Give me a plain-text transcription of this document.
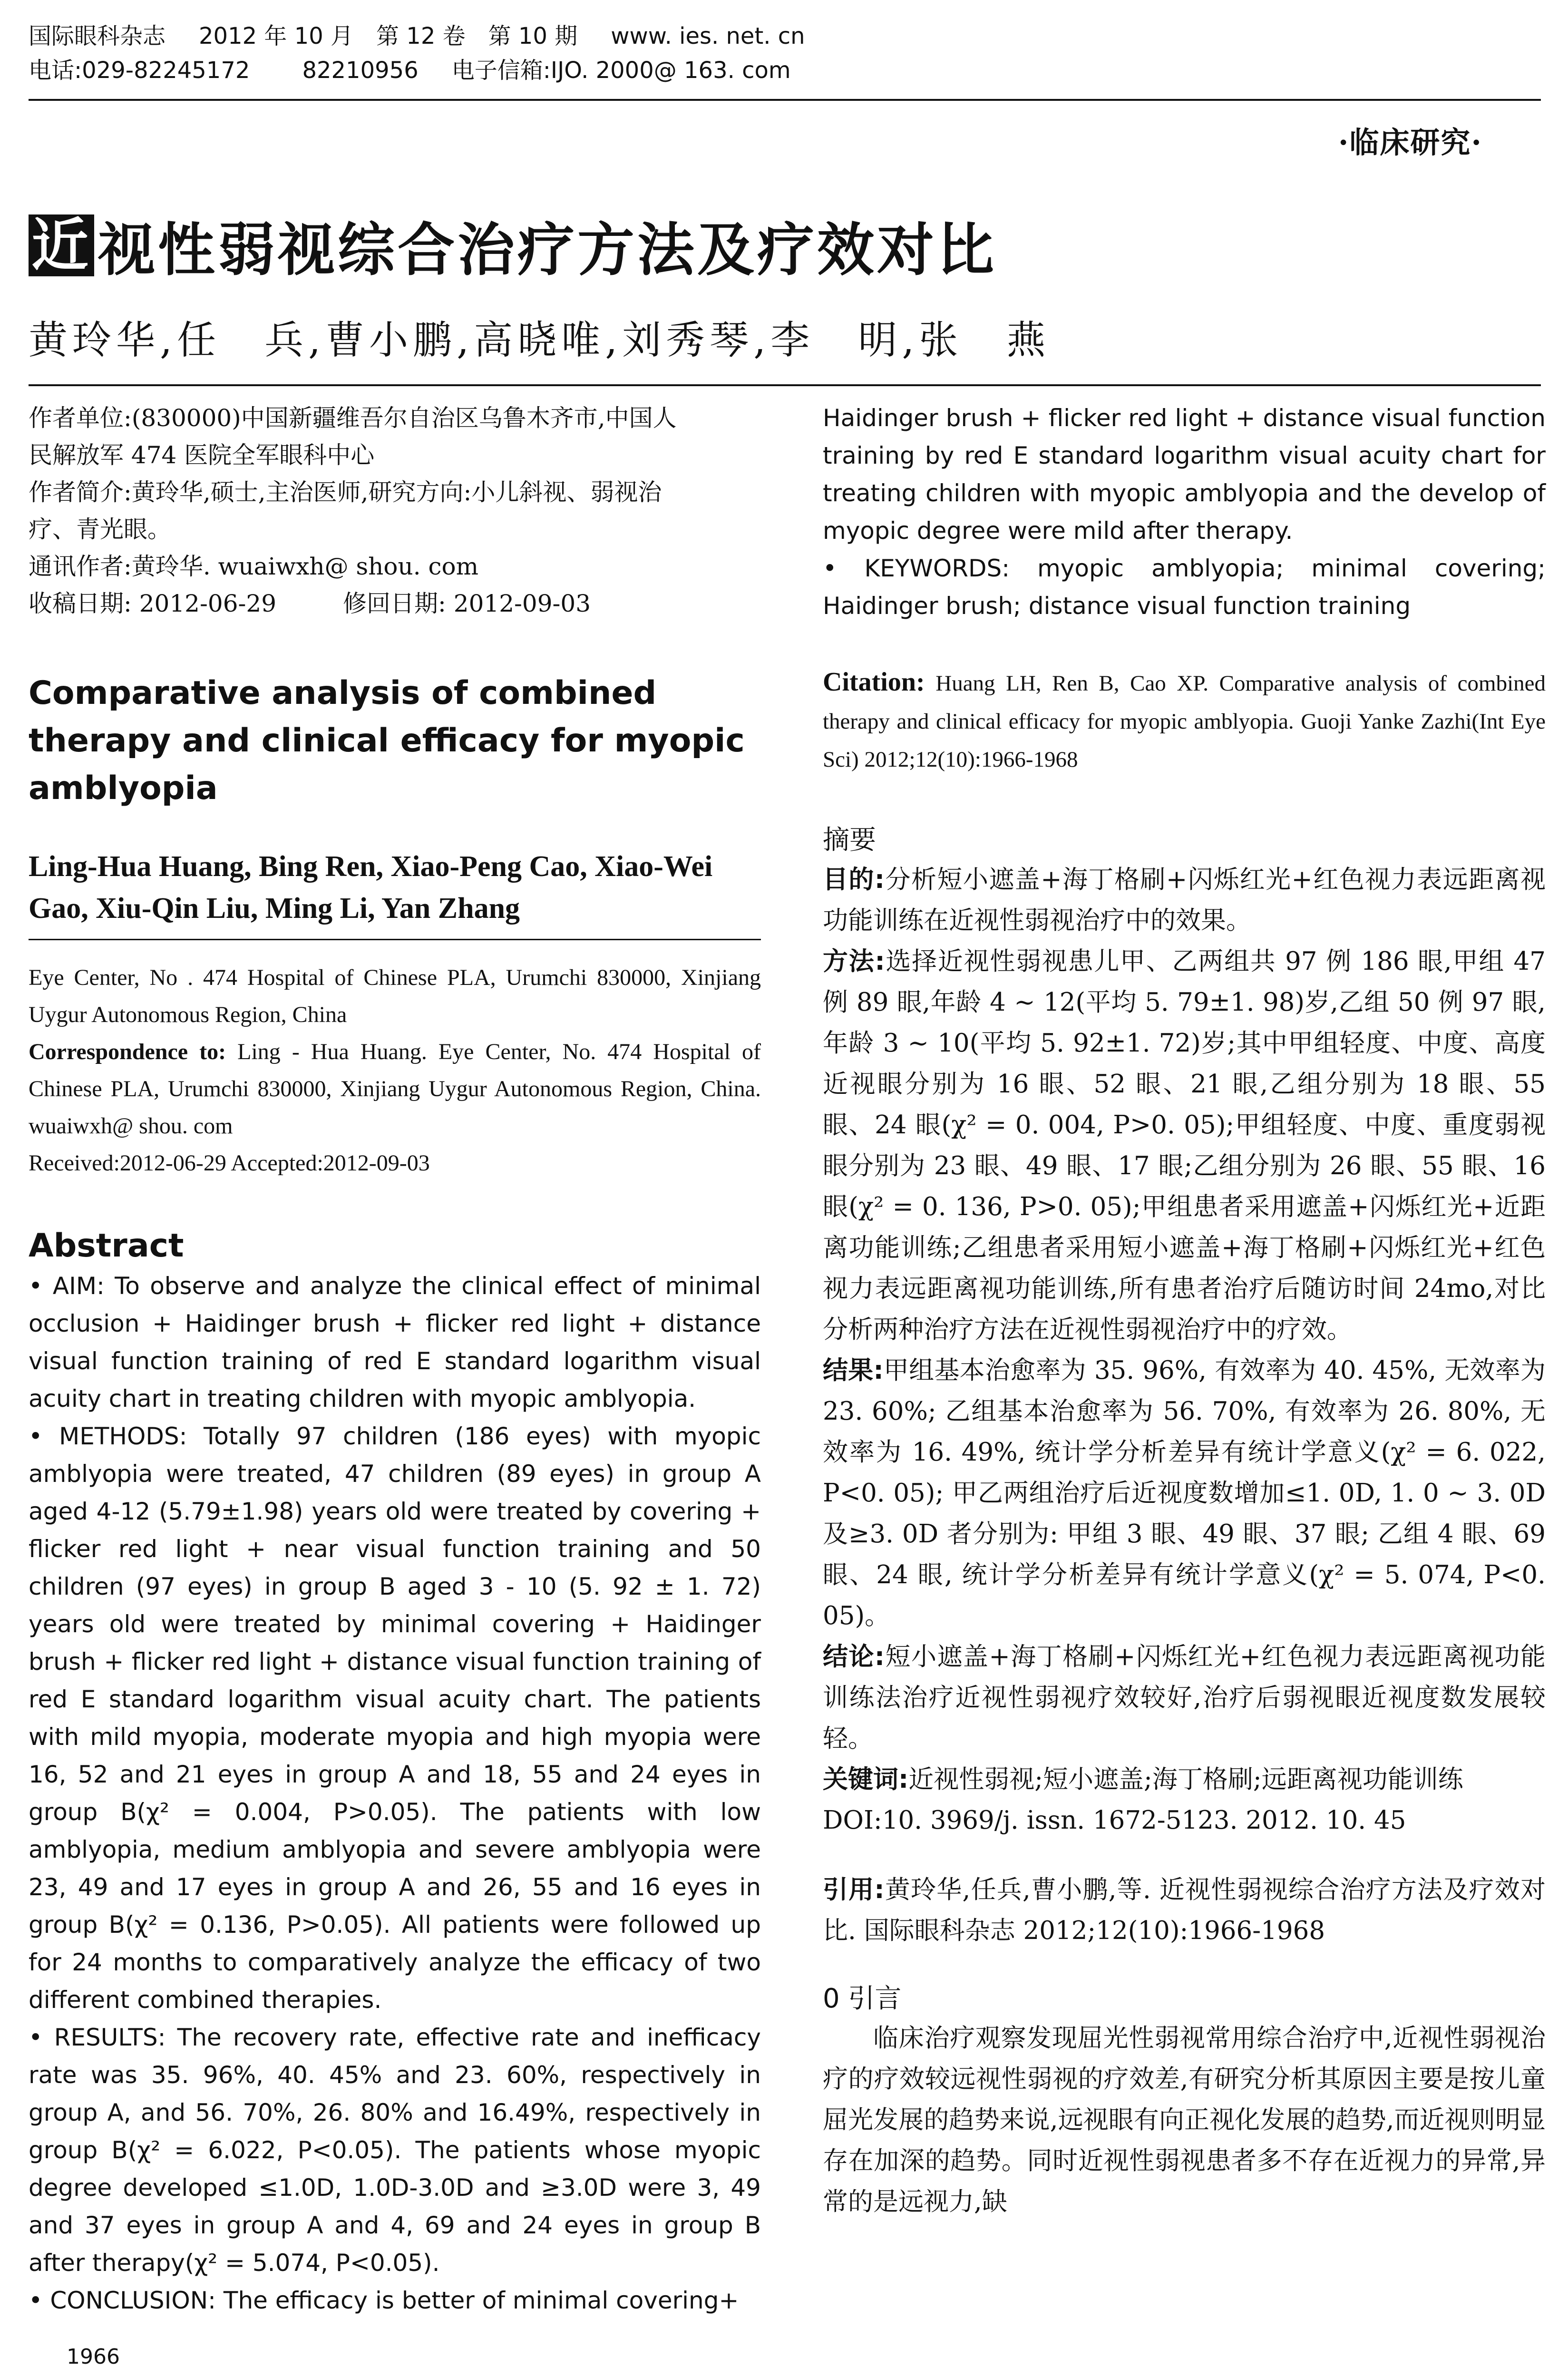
国际眼科杂志 2012 年 10 月　第 12 卷　第 10 期 www. ies. net. cn
电话:029-82245172 82210956 电子信箱:IJO. 2000@ 163. com
·临床研究·
近 视性弱视综合治疗方法及疗效对比
黄玲华,任　兵,曹小鹏,高晓唯,刘秀琴,李　明,张　燕

作者单位:(830000)中国新疆维吾尔自治区乌鲁木齐市,中国人

民解放军 474 医院全军眼科中心

作者简介:黄玲华,硕士,主治医师,研究方向:小儿斜视、弱视治

疗、青光眼。

通讯作者:黄玲华. wuaiwxh@ shou. com

收稿日期: 2012-06-29	修回日期: 2012-09-03

Comparative analysis of combined therapy and clinical efficacy for myopic amblyopia

Ling-Hua Huang, Bing Ren, Xiao-Peng Cao, Xiao-Wei Gao, Xiu-Qin Liu, Ming Li, Yan Zhang

Eye Center, No . 474 Hospital of Chinese PLA, Urumchi 830000, Xinjiang Uygur Autonomous Region, China

Correspondence to: Ling - Hua Huang. Eye Center, No. 474 Hospital of Chinese PLA, Urumchi 830000, Xinjiang Uygur Autonomous Region, China. wuaiwxh@ shou. com

Received:2012-06-29 Accepted:2012-09-03

Abstract

• AIM: To observe and analyze the clinical effect of minimal occlusion + Haidinger brush + flicker red light + distance visual function training of red E standard logarithm visual acuity chart in treating children with myopic amblyopia.

• METHODS: Totally 97 children (186 eyes) with myopic amblyopia were treated, 47 children (89 eyes) in group A aged 4-12 (5.79±1.98) years old were treated by covering + flicker red light + near visual function training and 50 children (97 eyes) in group B aged 3 - 10 (5. 92 ± 1. 72) years old were treated by minimal covering + Haidinger brush + flicker red light + distance visual function training of red E standard logarithm visual acuity chart. The patients with mild myopia, moderate myopia and high myopia were 16, 52 and 21 eyes in group A and 18, 55 and 24 eyes in group B(χ² = 0.004, P>0.05). The patients with low amblyopia, medium amblyopia and severe amblyopia were 23, 49 and 17 eyes in group A and 26, 55 and 16 eyes in group B(χ² = 0.136, P>0.05). All patients were followed up for 24 months to comparatively analyze the efficacy of two different combined therapies.

• RESULTS: The recovery rate, effective rate and inefficacy rate was 35. 96%, 40. 45% and 23. 60%, respectively in group A, and 56. 70%, 26. 80% and 16.49%, respectively in group B(χ² = 6.022, P<0.05). The patients whose myopic degree developed ≤1.0D, 1.0D-3.0D and ≥3.0D were 3, 49 and 37 eyes in group A and 4, 69 and 24 eyes in group B after therapy(χ² = 5.074, P<0.05).

• CONCLUSION: The efficacy is better of minimal covering+

Haidinger brush + flicker red light + distance visual function training by red E standard logarithm visual acuity chart for treating children with myopic amblyopia and the develop of myopic degree were mild after therapy.

• KEYWORDS: myopic amblyopia; minimal covering; Haidinger brush; distance visual function training

Citation: Huang LH, Ren B, Cao XP. Comparative analysis of combined therapy and clinical efficacy for myopic amblyopia. Guoji Yanke Zazhi(Int Eye Sci) 2012;12(10):1966-1968

摘要

目的:分析短小遮盖+海丁格刷+闪烁红光+红色视力表远距离视功能训练在近视性弱视治疗中的效果。

方法:选择近视性弱视患儿甲、乙两组共 97 例 186 眼,甲组 47 例 89 眼,年龄 4 ~ 12(平均 5. 79±1. 98)岁,乙组 50 例 97 眼,年龄 3 ~ 10(平均 5. 92±1. 72)岁;其中甲组轻度、中度、高度近视眼分别为 16 眼、52 眼、21 眼,乙组分别为 18 眼、55 眼、24 眼(χ² = 0. 004, P>0. 05);甲组轻度、中度、重度弱视眼分别为 23 眼、49 眼、17 眼;乙组分别为 26 眼、55 眼、16 眼(χ² = 0. 136, P>0. 05);甲组患者采用遮盖+闪烁红光+近距离功能训练;乙组患者采用短小遮盖+海丁格刷+闪烁红光+红色视力表远距离视功能训练,所有患者治疗后随访时间 24mo,对比分析两种治疗方法在近视性弱视治疗中的疗效。

结果:甲组基本治愈率为 35. 96%, 有效率为 40. 45%, 无效率为 23. 60%; 乙组基本治愈率为 56. 70%, 有效率为 26. 80%, 无效率为 16. 49%, 统计学分析差异有统计学意义(χ² = 6. 022, P<0. 05); 甲乙两组治疗后近视度数增加≤1. 0D, 1. 0 ~ 3. 0D 及≥3. 0D 者分别为: 甲组 3 眼、49 眼、37 眼; 乙组 4 眼、69 眼、24 眼, 统计学分析差异有统计学意义(χ² = 5. 074, P<0. 05)。

结论:短小遮盖+海丁格刷+闪烁红光+红色视力表远距离视功能训练法治疗近视性弱视疗效较好,治疗后弱视眼近视度数发展较轻。

关键词:近视性弱视;短小遮盖;海丁格刷;远距离视功能训练

DOI:10. 3969/j. issn. 1672-5123. 2012. 10. 45

引用:黄玲华,任兵,曹小鹏,等. 近视性弱视综合治疗方法及疗效对比. 国际眼科杂志 2012;12(10):1966-1968

0 引言

临床治疗观察发现屈光性弱视常用综合治疗中,近视性弱视治疗的疗效较远视性弱视的疗效差,有研究分析其原因主要是按儿童屈光发展的趋势来说,远视眼有向正视化发展的趋势,而近视则明显存在加深的趋势。同时近视性弱视患者多不存在近视力的异常,异常的是远视力,缺

1966
